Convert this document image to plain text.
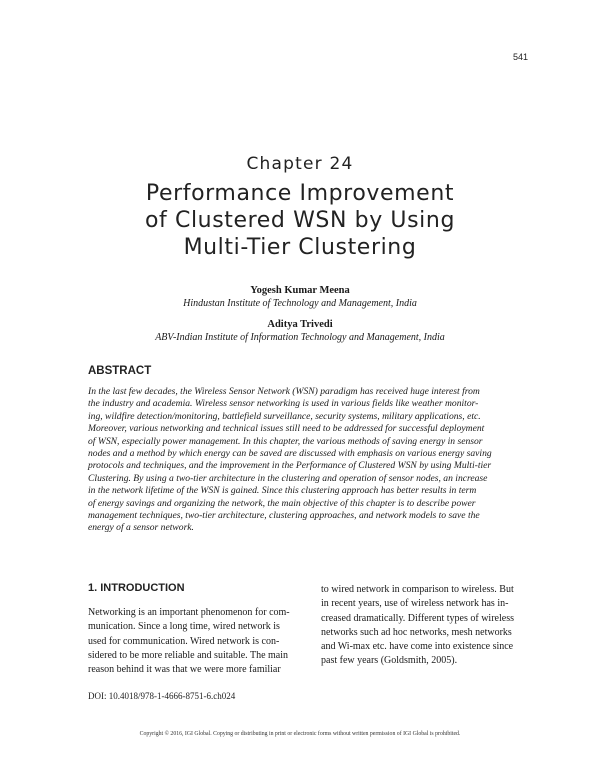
541
Chapter 24
Performance Improvement
of Clustered WSN by Using
Multi-Tier Clustering
Yogesh Kumar Meena
Hindustan Institute of Technology and Management, India
Aditya Trivedi
ABV-Indian Institute of Information Technology and Management, India
ABSTRACT
In the last few decades, the Wireless Sensor Network (WSN) paradigm has received huge interest from
the industry and academia. Wireless sensor networking is used in various fields like weather monitor-
ing, wildfire detection/monitoring, battlefield surveillance, security systems, military applications, etc.
Moreover, various networking and technical issues still need to be addressed for successful deployment
of WSN, especially power management. In this chapter, the various methods of saving energy in sensor
nodes and a method by which energy can be saved are discussed with emphasis on various energy saving
protocols and techniques, and the improvement in the Performance of Clustered WSN by using Multi-tier
Clustering. By using a two-tier architecture in the clustering and operation of sensor nodes, an increase
in the network lifetime of the WSN is gained. Since this clustering approach has better results in term
of energy savings and organizing the network, the main objective of this chapter is to describe power
management techniques, two-tier architecture, clustering approaches, and network models to save the
energy of a sensor network.
1. INTRODUCTION
Networking is an important phenomenon for com-
munication. Since a long time, wired network is
used for communication. Wired network is con-
sidered to be more reliable and suitable. The main
reason behind it was that we were more familiar
to wired network in comparison to wireless. But
in recent years, use of wireless network has in-
creased dramatically. Different types of wireless
networks such ad hoc networks, mesh networks
and Wi-max etc. have come into existence since
past few years (Goldsmith, 2005).
DOI: 10.4018/978-1-4666-8751-6.ch024
Copyright © 2016, IGI Global. Copying or distributing in print or electronic forms without written permission of IGI Global is prohibited.
